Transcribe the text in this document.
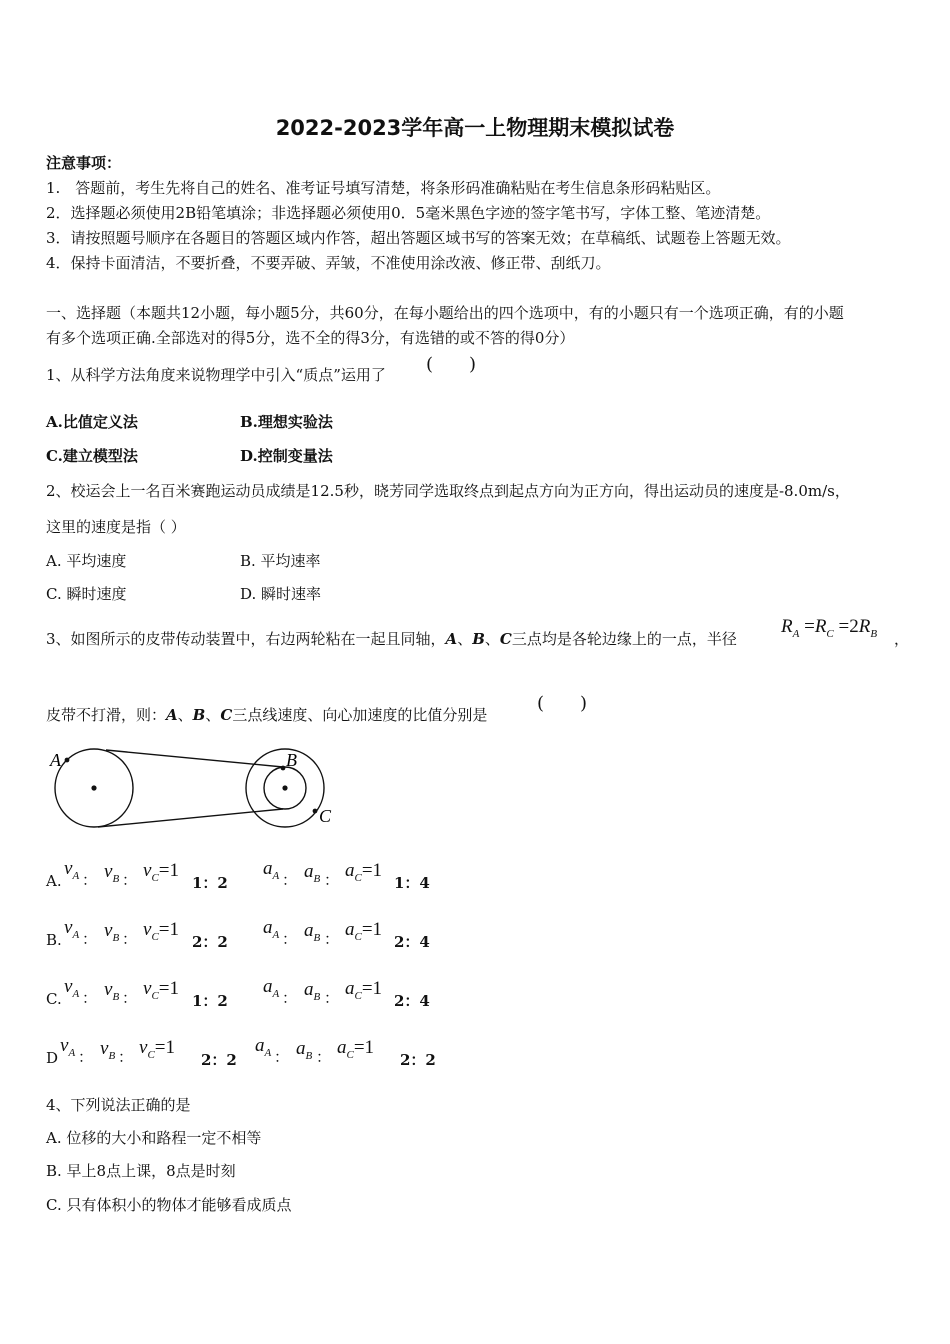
2022-2023学年高一上物理期末模拟试卷
注意事项：
1.　答题前，考生先将自己的姓名、准考证号填写清楚，将条形码准确粘贴在考生信息条形码粘贴区。
2．选择题必须使用2B铅笔填涂；非选择题必须使用0．5毫米黑色字迹的签字笔书写，字体工整、笔迹清楚。
3．请按照题号顺序在各题目的答题区域内作答，超出答题区域书写的答案无效；在草稿纸、试题卷上答题无效。
4．保持卡面清洁，不要折叠，不要弄破、弄皱，不准使用涂改液、修正带、刮纸刀。
一、选择题（本题共12小题，每小题5分，共60分，在每小题给出的四个选项中，有的小题只有一个选项正确，有的小题
有多个选项正确.全部选对的得5分，选不全的得3分，有选错的或不答的得0分）
1、从科学方法角度来说物理学中引入“质点”运用了 (　　)
A.比值定义法	B.理想实验法
C.建立模型法	D.控制变量法
2、校运会上一名百米赛跑运动员成绩是12.5秒，晓芳同学选取终点到起点方向为正方向，得出运动员的速度是-8.0m/s，
这里的速度是指（ ）
A. 平均速度	B. 平均速率
C. 瞬时速度	D. 瞬时速率
3、如图所示的皮带传动装置中，右边两轮粘在一起且同轴，A、B、C三点均是各轮边缘上的一点，半径
$R_A =R_C =2R_B$ ，
皮带不打滑，则：A、B、C三点线速度、向心加速度的比值分别是
(　　)
A	B
C
A.
$v_A$ ： $v_B$ ： $v_C=1$
1：2
$a_A$ ： $a_B$ ： $a_C=1$
1：4
B.
$v_A$ ： $v_B$ ： $v_C=1$
2：2
$a_A$ ： $a_B$ ： $a_C=1$
2：4
C.
$v_A$ ： $v_B$ ： $v_C=1$
1：2
$a_A$ ： $a_B$ ： $a_C=1$
2：4
D
$v_A$ ： $v_B$ ： $v_C=1$
2：2
$a_A$ ： $a_B$ ： $a_C=1$
2：2
4、下列说法正确的是
A. 位移的大小和路程一定不相等
B. 早上8点上课，8点是时刻
C. 只有体积小的物体才能够看成质点
